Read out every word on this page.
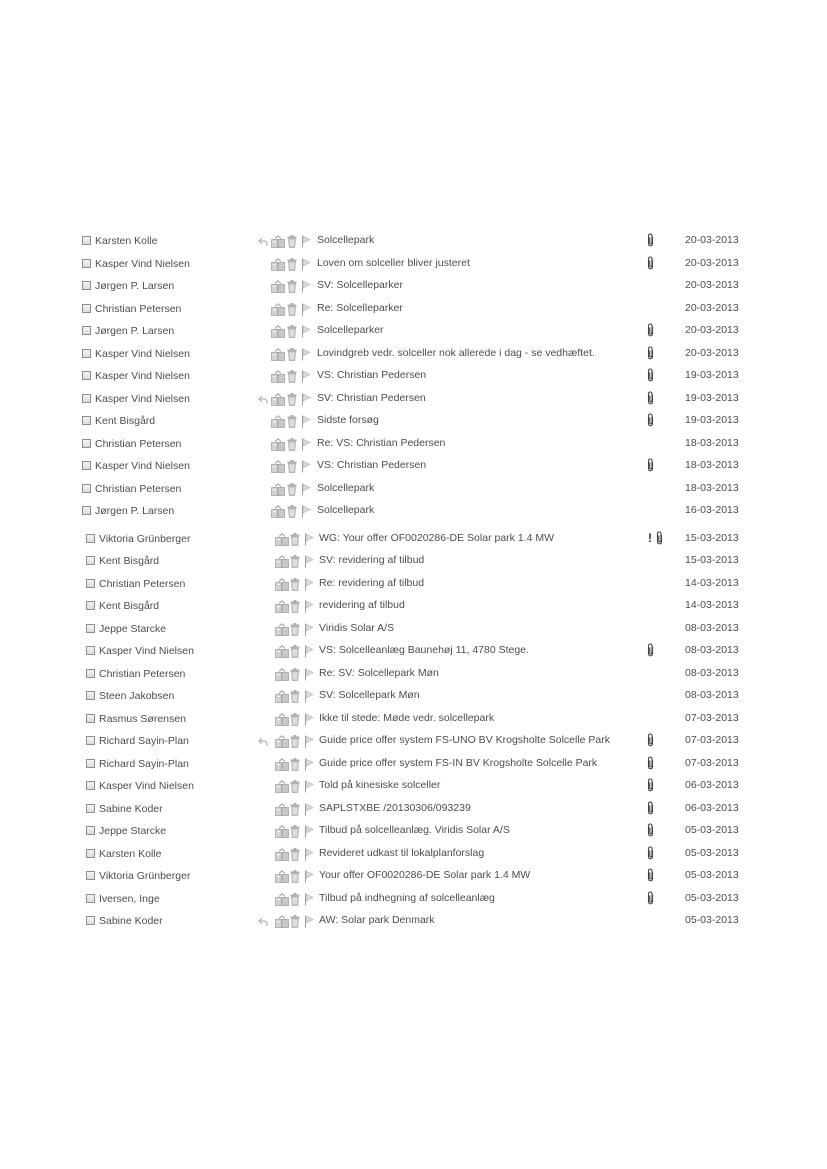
Karsten Kolle	Solcellepark	20-03-2013
Kasper Vind Nielsen	Loven om solceller bliver justeret	20-03-2013
Jørgen P. Larsen	SV: Solcelleparker	20-03-2013
Christian Petersen	Re: Solcelleparker	20-03-2013
Jørgen P. Larsen	Solcelleparker	20-03-2013
Kasper Vind Nielsen	Lovindgreb vedr. solceller nok allerede i dag - se vedhæftet.	20-03-2013
Kasper Vind Nielsen	VS: Christian Pedersen	19-03-2013
Kasper Vind Nielsen	SV: Christian Pedersen	19-03-2013
Kent Bisgård	Sidste forsøg	19-03-2013
Christian Petersen	Re: VS: Christian Pedersen	18-03-2013
Kasper Vind Nielsen	VS: Christian Pedersen	18-03-2013
Christian Petersen	Solcellepark	18-03-2013
Jørgen P. Larsen	Solcellepark	16-03-2013
Viktoria Grünberger	WG: Your offer OF0020286-DE Solar park 1.4 MW	!	15-03-2013
Kent Bisgård	SV: revidering af tilbud	15-03-2013
Christian Petersen	Re: revidering af tilbud	14-03-2013
Kent Bisgård	revidering af tilbud	14-03-2013
Jeppe Starcke	Viridis Solar A/S	08-03-2013
Kasper Vind Nielsen	VS: Solcelleanlæg Baunehøj 11, 4780 Stege.	08-03-2013
Christian Petersen	Re: SV: Solcellepark Møn	08-03-2013
Steen Jakobsen	SV: Solcellepark Møn	08-03-2013
Rasmus Sørensen	Ikke til stede: Møde vedr. solcellepark	07-03-2013
Richard Sayin-Plan	Guide price offer system FS-UNO BV Krogsholte Solcelle Park	07-03-2013
Richard Sayin-Plan	Guide price offer system FS-IN BV Krogsholte Solcelle Park	07-03-2013
Kasper Vind Nielsen	Told på kinesiske solceller	06-03-2013
Sabine Koder	SAPLSTXBE /20130306/093239	06-03-2013
Jeppe Starcke	Tilbud på solcelleanlæg. Viridis Solar A/S	05-03-2013
Karsten Kolle	Revideret udkast til lokalplanforslag	05-03-2013
Viktoria Grünberger	Your offer OF0020286-DE Solar park 1.4 MW	05-03-2013
Iversen, Inge	Tilbud på indhegning af solcelleanlæg	05-03-2013
Sabine Koder	AW: Solar park Denmark	05-03-2013
